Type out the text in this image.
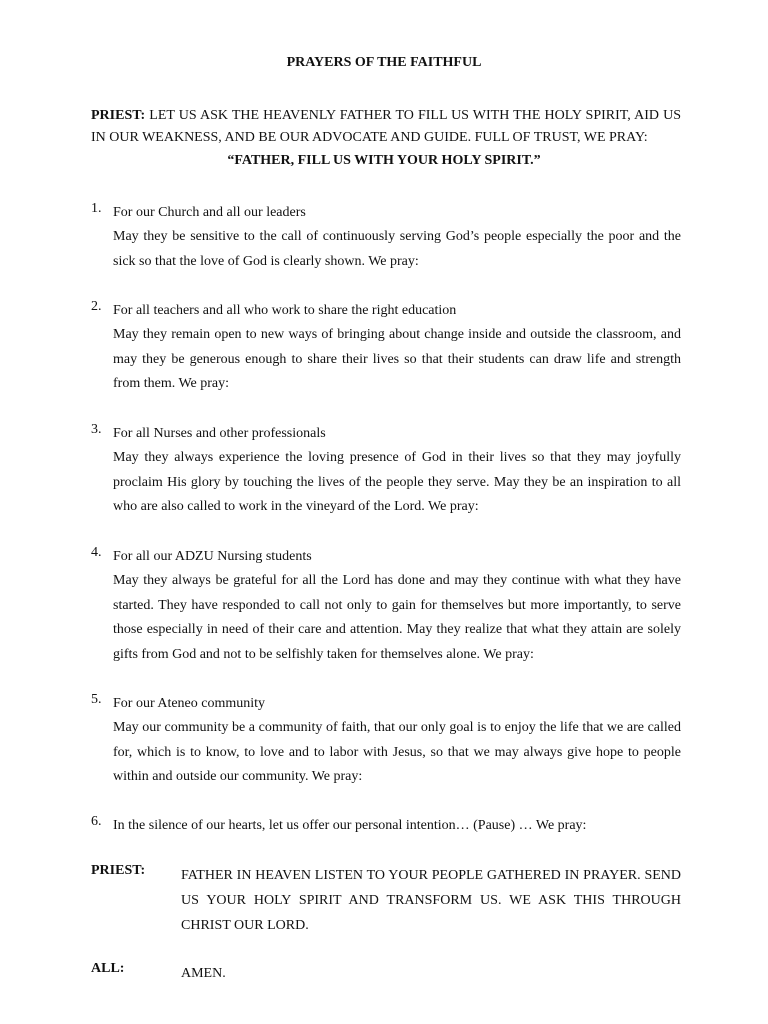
PRAYERS OF THE FAITHFUL
PRIEST: LET US ASK THE HEAVENLY FATHER TO FILL US WITH THE HOLY SPIRIT, AID US IN OUR WEAKNESS, AND BE OUR ADVOCATE AND GUIDE. FULL OF TRUST, WE PRAY:
“FATHER, FILL US WITH YOUR HOLY SPIRIT.”
1. For our Church and all our leaders
May they be sensitive to the call of continuously serving God’s people especially the poor and the sick so that the love of God is clearly shown. We pray:
2. For all teachers and all who work to share the right education
May they remain open to new ways of bringing about change inside and outside the classroom, and may they be generous enough to share their lives so that their students can draw life and strength from them. We pray:
3. For all Nurses and other professionals
May they always experience the loving presence of God in their lives so that they may joyfully proclaim His glory by touching the lives of the people they serve. May they be an inspiration to all who are also called to work in the vineyard of the Lord. We pray:
4. For all our ADZU Nursing students
May they always be grateful for all the Lord has done and may they continue with what they have started. They have responded to call not only to gain for themselves but more importantly, to serve those especially in need of their care and attention. May they realize that what they attain are solely gifts from God and not to be selfishly taken for themselves alone. We pray:
5. For our Ateneo community
May our community be a community of faith, that our only goal is to enjoy the life that we are called for, which is to know, to love and to labor with Jesus, so that we may always give hope to people within and outside our community. We pray:
6. In the silence of our hearts, let us offer our personal intention… (Pause) … We pray:
PRIEST:	FATHER IN HEAVEN LISTEN TO YOUR PEOPLE GATHERED IN PRAYER. SEND US YOUR HOLY SPIRIT AND TRANSFORM US. WE ASK THIS THROUGH CHRIST OUR LORD.
ALL:	AMEN.
